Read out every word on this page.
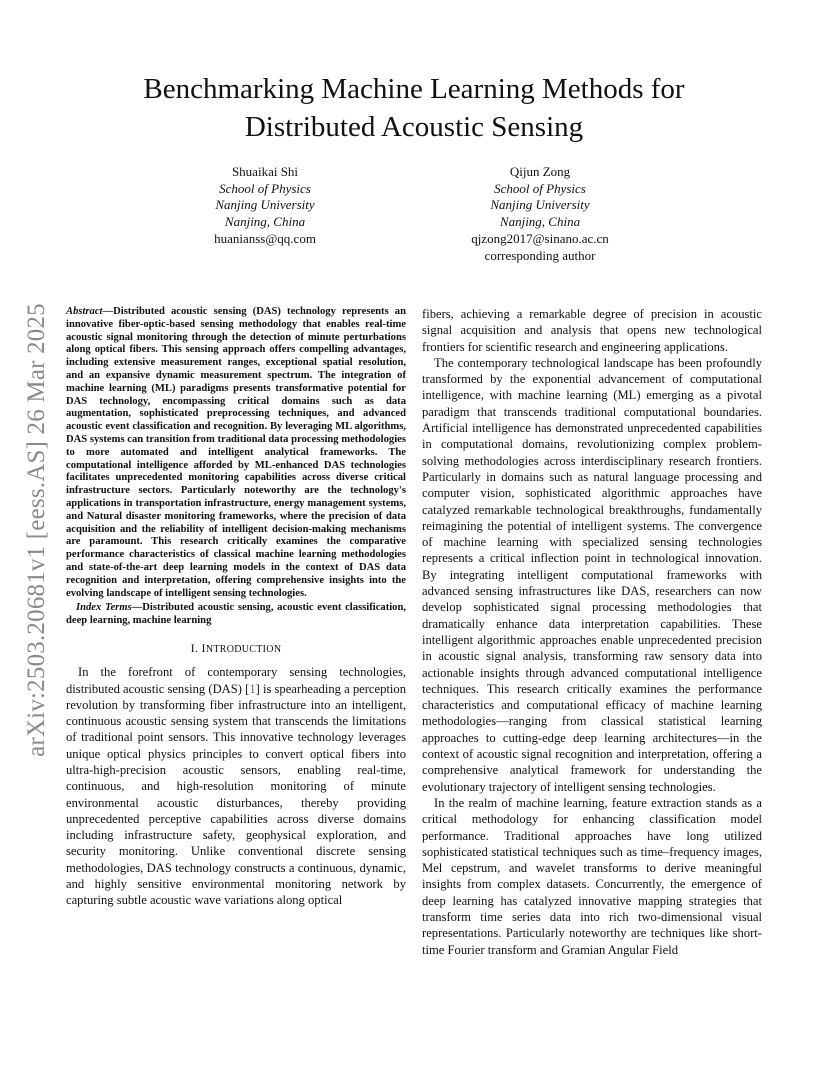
arXiv:2503.20681v1 [eess.AS] 26 Mar 2025
Benchmarking Machine Learning Methods for
Distributed Acoustic Sensing
Shuaikai Shi
School of Physics
Nanjing University
Nanjing, China
huanianss@qq.com
Qijun Zong
School of Physics
Nanjing University
Nanjing, China
qjzong2017@sinano.ac.cn
corresponding author

Abstract—Distributed acoustic sensing (DAS) technology represents an innovative fiber-optic-based sensing methodology that enables real-time acoustic signal monitoring through the detection of minute perturbations along optical fibers. This sensing approach offers compelling advantages, including extensive measurement ranges, exceptional spatial resolution, and an expansive dynamic measurement spectrum. The integration of machine learning (ML) paradigms presents transformative potential for DAS technology, encompassing critical domains such as data augmentation, sophisticated preprocessing techniques, and advanced acoustic event classification and recognition. By leveraging ML algorithms, DAS systems can transition from traditional data processing methodologies to more automated and intelligent analytical frameworks. The computational intelligence afforded by ML-enhanced DAS technologies facilitates unprecedented monitoring capabilities across diverse critical infrastructure sectors. Particularly noteworthy are the technology's applications in transportation infrastructure, energy management systems, and Natural disaster monitoring frameworks, where the precision of data acquisition and the reliability of intelligent decision-making mechanisms are paramount. This research critically examines the comparative performance characteristics of classical machine learning methodologies and state-of-the-art deep learning models in the context of DAS data recognition and interpretation, offering comprehensive insights into the evolving landscape of intelligent sensing technologies.

Index Terms—Distributed acoustic sensing, acoustic event classification, deep learning, machine learning

I. INTRODUCTION

In the forefront of contemporary sensing technologies, distributed acoustic sensing (DAS) [1] is spearheading a perception revolution by transforming fiber infrastructure into an intelligent, continuous acoustic sensing system that transcends the limitations of traditional point sensors. This innovative technology leverages unique optical physics principles to convert optical fibers into ultra-high-precision acoustic sensors, enabling real-time, continuous, and high-resolution monitoring of minute environmental acoustic disturbances, thereby providing unprecedented perceptive capabilities across diverse domains including infrastructure safety, geophysical exploration, and security monitoring. Unlike conventional discrete sensing methodologies, DAS technology constructs a continuous, dynamic, and highly sensitive environmental monitoring network by capturing subtle acoustic wave variations along optical

fibers, achieving a remarkable degree of precision in acoustic signal acquisition and analysis that opens new technological frontiers for scientific research and engineering applications.

The contemporary technological landscape has been profoundly transformed by the exponential advancement of computational intelligence, with machine learning (ML) emerging as a pivotal paradigm that transcends traditional computational boundaries. Artificial intelligence has demonstrated unprecedented capabilities in computational domains, revolutionizing complex problem-solving methodologies across interdisciplinary research frontiers. Particularly in domains such as natural language processing and computer vision, sophisticated algorithmic approaches have catalyzed remarkable technological breakthroughs, fundamentally reimagining the potential of intelligent systems. The convergence of machine learning with specialized sensing technologies represents a critical inflection point in technological innovation. By integrating intelligent computational frameworks with advanced sensing infrastructures like DAS, researchers can now develop sophisticated signal processing methodologies that dramatically enhance data interpretation capabilities. These intelligent algorithmic approaches enable unprecedented precision in acoustic signal analysis, transforming raw sensory data into actionable insights through advanced computational intelligence techniques. This research critically examines the performance characteristics and computational efficacy of machine learning methodologies—ranging from classical statistical learning approaches to cutting-edge deep learning architectures—in the context of acoustic signal recognition and interpretation, offering a comprehensive analytical framework for understanding the evolutionary trajectory of intelligent sensing technologies.

In the realm of machine learning, feature extraction stands as a critical methodology for enhancing classification model performance. Traditional approaches have long utilized sophisticated statistical techniques such as time–frequency images, Mel cepstrum, and wavelet transforms to derive meaningful insights from complex datasets. Concurrently, the emergence of deep learning has catalyzed innovative mapping strategies that transform time series data into rich two-dimensional visual representations. Particularly noteworthy are techniques like short-time Fourier transform and Gramian Angular Field
